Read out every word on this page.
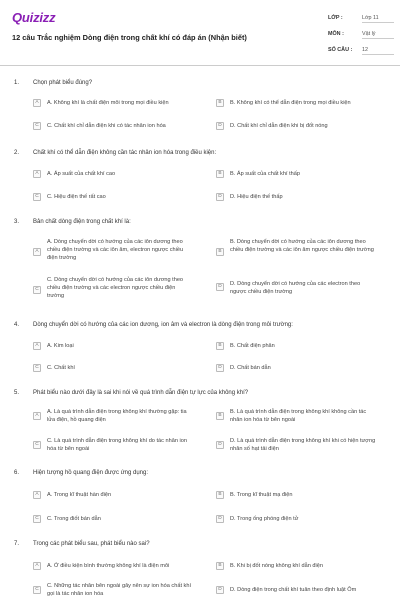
Quizizz
12 câu Trắc nghiệm Dòng điện trong chất khí có đáp án (Nhận biết)
LỚP :	Lớp 11
MÔN :	Vật lý
SỐ CÂU :	12
1. Chọn phát biểu đúng?
A	A. Không khí là chất điện môi trong mọi điều kiện	B	B. Không khí có thể dẫn điện trong mọi điều kiện
C	C. Chất khí chỉ dẫn điện khi có tác nhân ion hóa	D	D. Chất khí chỉ dẫn điện khi bị đốt nóng
2. Chất khí có thể dẫn điện không cần tác nhân ion hóa trong điều kiện:
A	A. Áp suất của chất khí cao	B	B. Áp suất của chất khí thấp
C	C. Hiệu điện thế rất cao	D	D. Hiệu điện thế thấp
3. Bản chất dòng điện trong chất khí là:
A
A. Dòng chuyển dời có hướng của các iôn dương theo chiều điện trường và các iôn âm, electron ngược chiều điện trường
B
B. Dòng chuyển dời có hướng của các iôn dương theo chiều điện trường và các iôn âm ngược chiều điện trường
C
C. Dòng chuyển dời có hướng của các iôn dương theo chiều điện trường và các electron ngược chiều điện trường
D	D. Dòng chuyển dời có hướng của các electron theo ngược chiều điện trường
4. Dòng chuyển dời có hướng của các ion dương, ion âm và electron là dòng điện trong môi trường:
A	A. Kim loại	B	B. Chất điện phân
C	C. Chất khí	D	D. Chất bán dẫn
5. Phát biểu nào dưới đây là sai khi nói về quá trình dẫn điện tự lực của không khí?
A
A. Là quá trình dẫn điện trong không khí thường gặp: tia lửa điện, hồ quang điện
B
B. Là quá trình dẫn điện trong không khí không cần tác nhân ion hóa từ bên ngoài
C
C. Là quá trình dẫn điện trong không khí do tác nhân ion hóa từ bên ngoài
D
D. Là quá trình dẫn điện trong không khí khi có hiện tượng nhân số hạt tải điện
6. Hiện tượng hồ quang điện được ứng dụng:
A	A. Trong kĩ thuật hàn điện	B	B. Trong kĩ thuật mạ điện
C	C. Trong điốt bán dẫn	D	D. Trong ống phóng điện tử
7. Trong các phát biểu sau, phát biểu nào sai?
A	A. Ở điều kiện bình thường không khí là điện môi	B	B. Khi bị đốt nóng không khí dẫn điện
C
C. Những tác nhân bên ngoài gây nên sự ion hóa chất khí gọi là tác nhân ion hóa
D	D. Dòng điện trong chất khí tuân theo định luật Ôm
